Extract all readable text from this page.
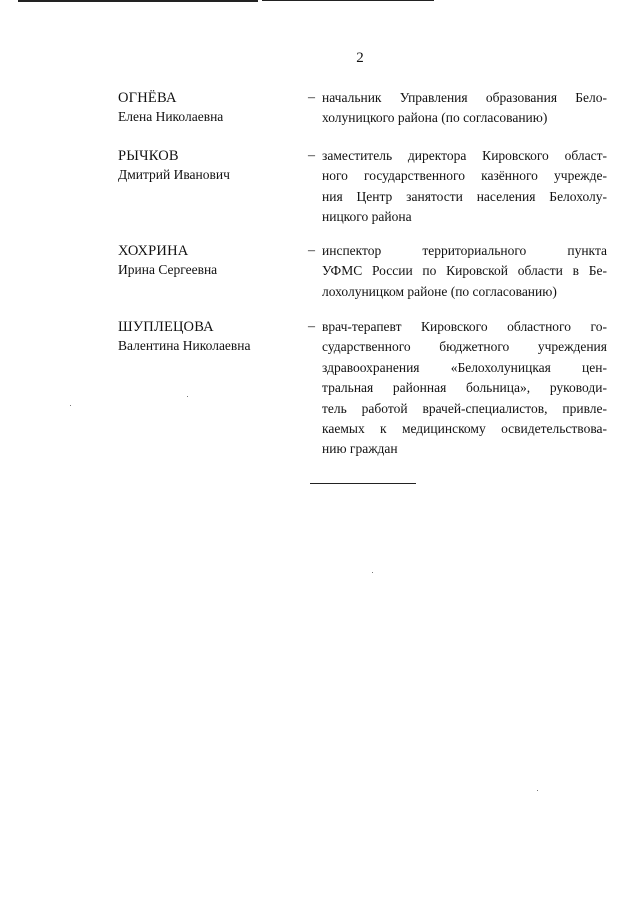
2
ОГНЁВА
Елена Николаевна
– начальник Управления образования Бело-
холуницкого района (по согласованию)
РЫЧКОВ
Дмитрий Иванович
– заместитель директора Кировского област-
ного государственного казённого учрежде-
ния Центр занятости населения Белохолу-
ницкого района
ХОХРИНА
Ирина Сергеевна
– инспектор территориального пункта
УФМС России по Кировской области в Бе-
лохолуницком районе (по согласованию)
ШУПЛЕЦОВА
Валентина Николаевна
– врач-терапевт Кировского областного го-
сударственного бюджетного учреждения
здравоохранения «Белохолуницкая цен-
тральная районная больница», руководи-
тель работой врачей-специалистов, привле-
каемых к медицинскому освидетельствова-
нию граждан
